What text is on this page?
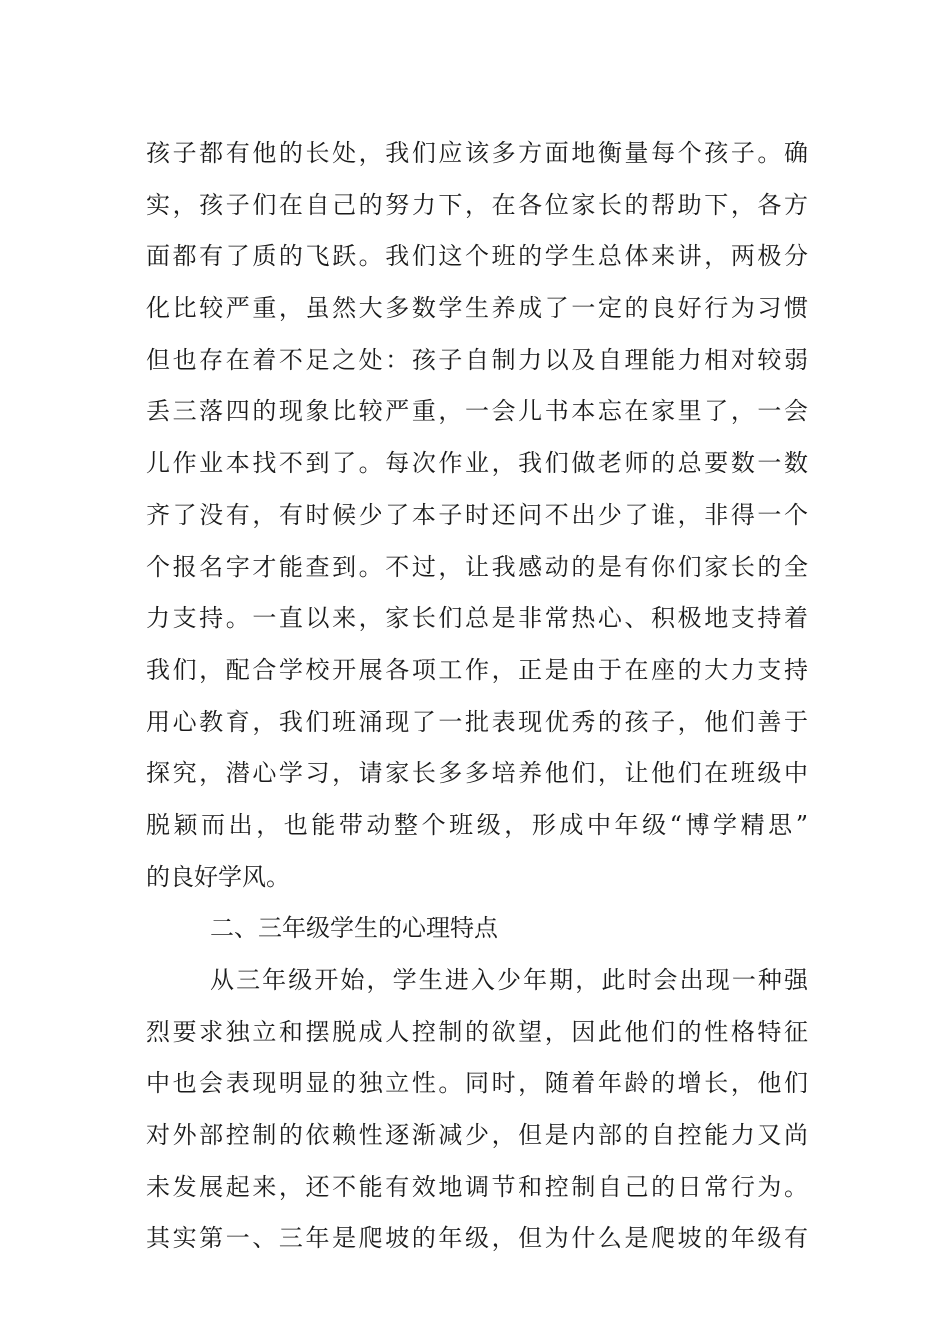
孩子都有他的长处，我们应该多方面地衡量每个孩子。确
实，孩子们在自己的努力下，在各位家长的帮助下，各方
面都有了质的飞跃。我们这个班的学生总体来讲，两极分
化比较严重，虽然大多数学生养成了一定的良好行为习惯
但也存在着不足之处：孩子自制力以及自理能力相对较弱
丢三落四的现象比较严重，一会儿书本忘在家里了，一会
儿作业本找不到了。每次作业，我们做老师的总要数一数
齐了没有，有时候少了本子时还问不出少了谁，非得一个
个报名字才能查到。不过，让我感动的是有你们家长的全
力支持。一直以来，家长们总是非常热心、积极地支持着
我们，配合学校开展各项工作，正是由于在座的大力支持
用心教育，我们班涌现了一批表现优秀的孩子，他们善于
探究，潜心学习，请家长多多培养他们，让他们在班级中
脱颖而出，也能带动整个班级，形成中年级“博学精思”
的良好学风。
二、三年级学生的心理特点
从三年级开始，学生进入少年期，此时会出现一种强
烈要求独立和摆脱成人控制的欲望，因此他们的性格特征
中也会表现明显的独立性。同时，随着年龄的增长，他们
对外部控制的依赖性逐渐减少，但是内部的自控能力又尚
未发展起来，还不能有效地调节和控制自己的日常行为。
其实第一、三年是爬坡的年级，但为什么是爬坡的年级有
